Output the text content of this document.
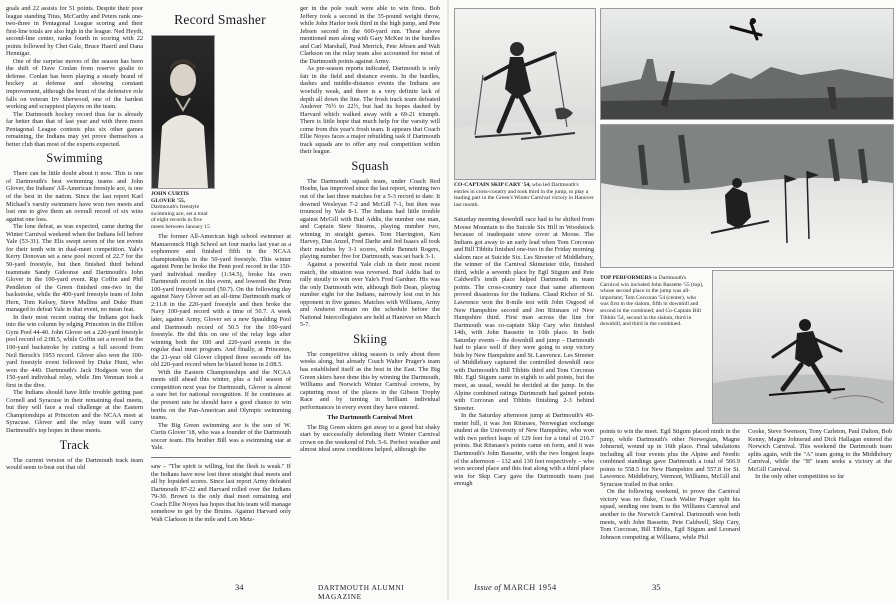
goals and 22 assists for 51 points. Despite their poor league standing Titus, McCarthy and Peters rank one-two-three in Pentagonal League scoring and their first-line totals are also high in the league. Ned Heydt, second-line center, ranks fourth in scoring with 22 points followed by Chet Gale, Bruce Haertl and Dana Hennigar.

One of the surprise moves of the season has been the shift of Dave Conlan from reserve goalie to defense. Conlan has been playing a steady brand of hockey at defense and showing constant improvement, although the brunt of the defensive role falls on veteran Irv Sherwood, one of the hardest working and scrappiest players on the team.

The Dartmouth hockey record thus far is already far better than that of last year and with three more Pentagonal League contests plus six other games remaining, the Indians may yet prove themselves a better club than most of the experts expected.

Swimming

There can be little doubt about it now. This is one of Dartmouth's best swimming teams and John Glover, the Indians' All-American freestyle ace, is one of the best in the nation. Since the last report Karl Michael's varsity swimmers have won two meets and lost one to give them an overall record of six wins against one loss.

The lone defeat, as was expected, came during the Winter Carnival weekend when the Indians fell before Yale (53-31). The Elis swept seven of the ten events for their tenth win in dual-meet competition. Yale's Kerry Donovan set a new pool record of 22.7 for the 50-yard freestyle, but then finished third behind teammate Sandy Gideonse and Dartmouth's John Glover in the 100-yard event. Rip Coffin and Phil Pendleton of the Green finished one-two in the backstroke, while the 400-yard freestyle team of John Hern, Tom Kelsey, Steve Mullins and Duke Hunt managed to defeat Yale in that event, no mean feat.

In their most recent outing the Indians got back into the win column by edging Princeton in the Dillon Gym Pool 44-40. John Glover set a 220-yard freestyle pool record of 2:08.5, while Coffin set a record in the 100-yard backstroke by cutting a full second from Neil Bersch's 1953 record. Glover also won the 100-yard freestyle event followed by Duke Hunt, who won the 440. Dartmouth's Jack Hodgson won the 150-yard individual relay, while Jim Venman took a first in the dive.

The Indians should have little trouble getting past Cornell and Syracuse in their remaining dual meets, but they will face a real challenge at the Eastern Championships at Princeton and the NCAA meet at Syracuse. Glover and the relay team will carry Dartmouth's top hopes in these meets.

Track

The current version of the Dartmouth track team would seem to beat out that old

Record Smasher
JOHN CURTIS GLOVER '55, Dartmouth's freestyle swimming ace, set a total of eight records in five meets between January 15

The former All-American high school swimmer at Mamaroneck High School set four marks last year as a sophomore and finished fifth in the NCAA championships in the 50-yard freestyle. This winter against Penn he broke the Penn pool record in the 150-yard individual medley (1:34.5), broke his own Dartmouth record in this event, and lowered the Penn 100-yard freestyle record (50.7). On the following day against Navy Glover set an all-time Dartmouth mark of 2:11.8 in the 220-yard freestyle and then broke the Navy 100-yard record with a time of 50.7. A week later, against Army, Glover set a new Spaulding Pool and Dartmouth record of 50.5 for the 100-yard freestyle. He did this on one of the relay legs after winning both the 100 and 220-yard events in the regular dual meet program. And finally, at Princeton, the 21-year old Glover clipped three seconds off his old 220-yard record when he blazed home in 2:08.5.

With the Eastern Championships and the NCAA meets still ahead this winter, plus a full season of competition next year for Dartmouth, Glover is almost a sure bet for national recognition. If he continues at the present rate he should have a good chance to win berths on the Pan-American and Olympic swimming teams.

The Big Green swimming ace is the son of W. Curtis Glover '18, who was a founder of the Dartmouth soccer team. His brother Bill was a swimming star at Yale.

saw – "The spirit is willing, but the flesh is weak." If the Indians have now lost three straight dual meets and all by lopsided scores. Since last report Army defeated Dartmouth 87-22 and Harvard rolled over the Indians 79-30. Brown is the only dual meet remaining and Coach Ellie Noyes has hopes that his team will manage somehow to get by the Bruins. Against Harvard only Walt Clarkson in the mile and Lon Metz-

ger in the pole vault were able to win firsts. Bob Jeffery took a second in the 35-pound weight throw, while John Harlor took third in the high jump, and Pete Jebsen second in the 600-yard run. These above mentioned men along with Gary McKee in the hurdles and Carl Marshall, Paul Merrick, Pete Jebsen and Walt Clarkson on the relay team also accounted for most of the Dartmouth points against Army.

As pre-season reports indicated, Dartmouth is only fair in the field and distance events. In the hurdles, dashes and middle-distance events the Indians are woefully weak, and there is a very definite lack of depth all down the line. The frosh track team defeated Andover 76½ to 22½, but had its hopes dashed by Harvard which walked away with a 69-21 triumph. There is little hope that much help for the varsity will come from this year's frosh team. It appears that Coach Ellie Noyes faces a major rebuilding task if Dartmouth track squads are to offer any real competition within their league.

Squash

The Dartmouth squash team, under Coach Red Hoehn, has improved since the last report, winning two out of the last three matches for a 5-3 record to date. It downed Wesleyan 7-2 and McGill 7-1, but then was trounced by Yale 8-1. The Indians had little trouble against McGill with Bud Addis, the number one man, and Captain Stew Stearns, playing number two, winning in straight games. Tom Harrington, Ken Harvey, Dan Anzel, Fred Darlte and Jed Isaacs all took their matches by 3-1 scores, while Bennett Rogers, playing number five for Dartmouth, was set back 3-1.

Against a powerful Yale club in their most recent match, the situation was reversed. Bud Addis had to rally stoutly to win over Yale's Fred Gardner. His was the only Dartmouth win, although Bob Dean, playing number eight for the Indians, narrowly lost out to his opponent in five games. Matches with Williams, Army and Amherst remain on the schedule before the National Intercollegiates are held at Hanover on March 5-7.

Skiing

The competitive skiing season is only about three weeks along, but already Coach Walter Prager's team has established itself as the best in the East. The Big Green skiers have done this by winning the Dartmouth, Williams and Norwich Winter Carnival crowns, by capturing most of the places in the Gibson Trophy Race and by turning in brilliant individual performances in every event they have entered.

The Dartmouth Carnival Meet

The Big Green skiers got away to a good but shaky start by successfully defending their Winter Carnival crown on the weekend of Feb. 5-6. Perfect weather and almost ideal snow conditions helped, although the

34	DARTMOUTH ALUMNI MAGAZINE
CO-CAPTAIN SKIP CARY '54, who led Dartmouth's entries in cross-country and took third in the jump, to play a leading part in the Green's Winter Carnival victory in Hanover last month.

Saturday morning downhill race had to be shifted from Moose Mountain to the Suicide Six Hill in Woodstock because of inadequate snow cover at Moose. The Indians got away to an early lead when Tom Corcoran and Bill Tibbits finished one-two in the Friday morning slalom race at Suicide Six. Les Streeter of Middlebury, the winner of the Carnival Skimeister title, finished third, while a seventh place by Egil Stigum and Pete Caldwell's tenth place helped Dartmouth in team points. The cross-country race that same afternoon proved disastrous for the Indians. Claud Richor of St. Lawrence won the 8-mile test with John Osgood of New Hampshire second and Jon Riisnaes of New Hampshire third. First man across the line for Dartmouth was co-captain Skip Cary who finished 14th, with John Bassette in 16th place. In both Saturday events – the downhill and jump – Dartmouth had to place well if they were going to stop victory bids by New Hampshire and St. Lawrence. Les Streeter of Middlebury captured the controlled downhill race with Dartmouth's Bill Tibbits third and Tom Corcoran 8th. Egil Stigum came in eighth to add points, but the meet, as usual, would be decided at the jump. In the Alpine combined ratings Dartmouth had gained points with Corcoran and Tibbits finishing 2-3 behind Streeter.

In the Saturday afternoon jump at Dartmouth's 40-meter hill, it was Jon Riisnaes, Norwegian exchange student at the University of New Hampshire, who won with two perfect leaps of 129 feet for a total of 216.7 points. But Riisnaes's points came on form, and it was Dartmouth's John Bassette, with the two longest leaps of the afternoon – 132 and 130 feet respectively – who won second place and this feat along with a third place win for Skip Cary gave the Dartmouth team just enough

TOP PERFORMERS in Dartmouth's Carnival win included John Bassette '55 (top), whose second place in the jump was all-important; Tom Corcoran '54 (center), who was first in the slalom, fifth in downhill and second in the combined; and Co-Captain Bill Tibbits '54, second in the slalom, third in downhill, and third in the combined.

points to win the meet. Egil Stigum placed ninth in the jump, while Dartmouth's other Norwegian, Magne Johnsrud, wound up in 16th place. Final tabulations including all four events plus the Alpine and Nordic combined standings gave Dartmouth a total of 566.9 points to 558.5 for New Hampshire and 557.8 for St. Lawrence. Middlebury, Vermont, Williams, McGill and Syracuse trailed in that order.

On the following weekend, to prove the Carnival victory was no fluke, Coach Walter Prager split his squad, sending one team to the Williams Carnival and another to the Norwich Carnival. Dartmouth won both meets, with John Bassette, Pete Caldwell, Skip Cary, Tom Corcoran, Bill Tibbits, Egil Stigum and Leonard Johnson competing at Williams, while Phil

Cooke, Steve Swenson, Tony Carleton, Paul Dalton, Bob Kenny, Magne Johnsrud and Dick Hallagan entered the Norwich Carnival. This weekend the Dartmouth team splits again, with the "A" team going to the Middlebury Carnival, while the "B" team seeks a victory at the McGill Carnival.

In the only other competition so far

Issue of MARCH 1954	35
